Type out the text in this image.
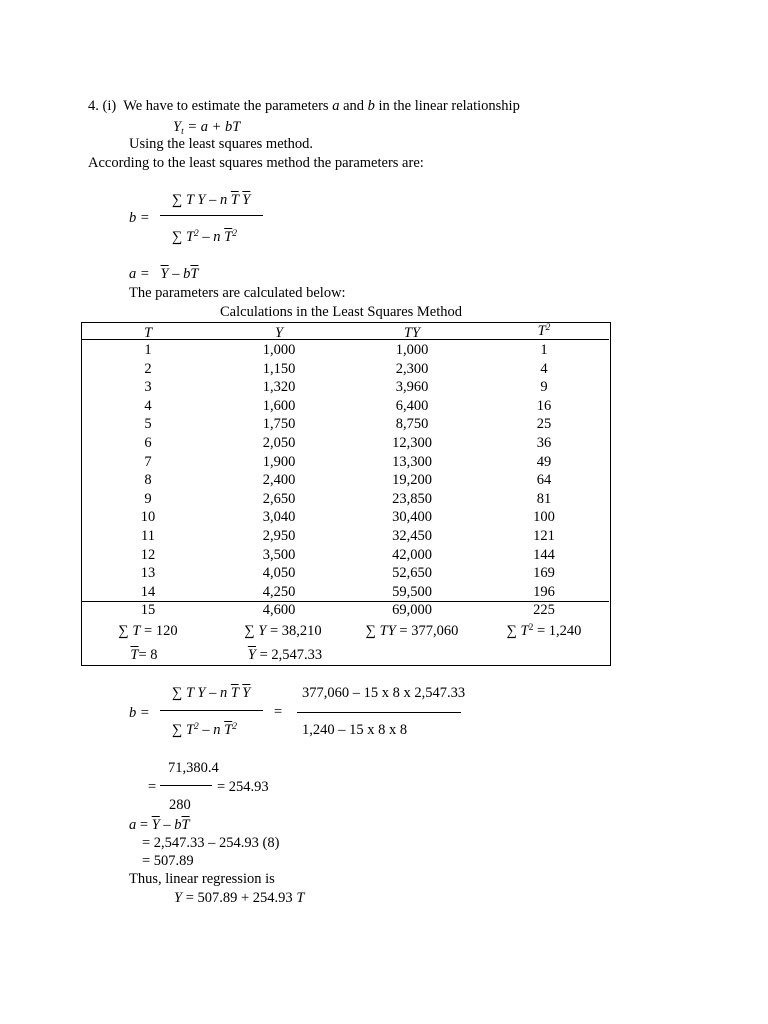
4. (i) We have to estimate the parameters a and b in the linear relationship
$Y_t = a$ + bT
Using the least squares method.
According to the least squares method the parameters are:
b =
∑ T Y – n $\overline{T}$ $\overline{Y}$
∑ $T^2$ – n $\overline{T}^2$
$a = \overline{Y} - b\overline{T}$
The parameters are calculated below:
Calculations in the Least Squares Method
T	Y	TY	$T^2$
1	1,000	1,000	1
2	1,150	2,300	4
3	1,320	3,960	9
4	1,600	6,400	16
5	1,750	8,750	25
6	2,050	12,300	36
7	1,900	13,300	49
8	2,400	19,200	64
9	2,650	23,850	81
10	3,040	30,400	100
11	2,950	32,450	121
12	3,500	42,000	144
13	4,050	52,650	169
14	4,250	59,500	196
15	4,600	69,000	225
∑ T = 120	∑ Y = 38,210	∑ TY = 377,060	∑ $T^2 = 1,240$
$\overline{T}= 8$	$\overline{Y} = 2,547.33$
b =
∑ T Y – n $\overline{T}$ $\overline{Y}$
∑ $T^2$ – n $\overline{T}^2$
=
377,060 – 15 x 8 x 2,547.33
1,240 – 15 x 8 x 8
=
71,380.4
= 254.93
280
$a = \overline{Y} - b\overline{T}$
= 2,547.33 – 254.93 (8)
= 507.89
Thus, linear regression is
Y = 507.89 + 254.93 T
